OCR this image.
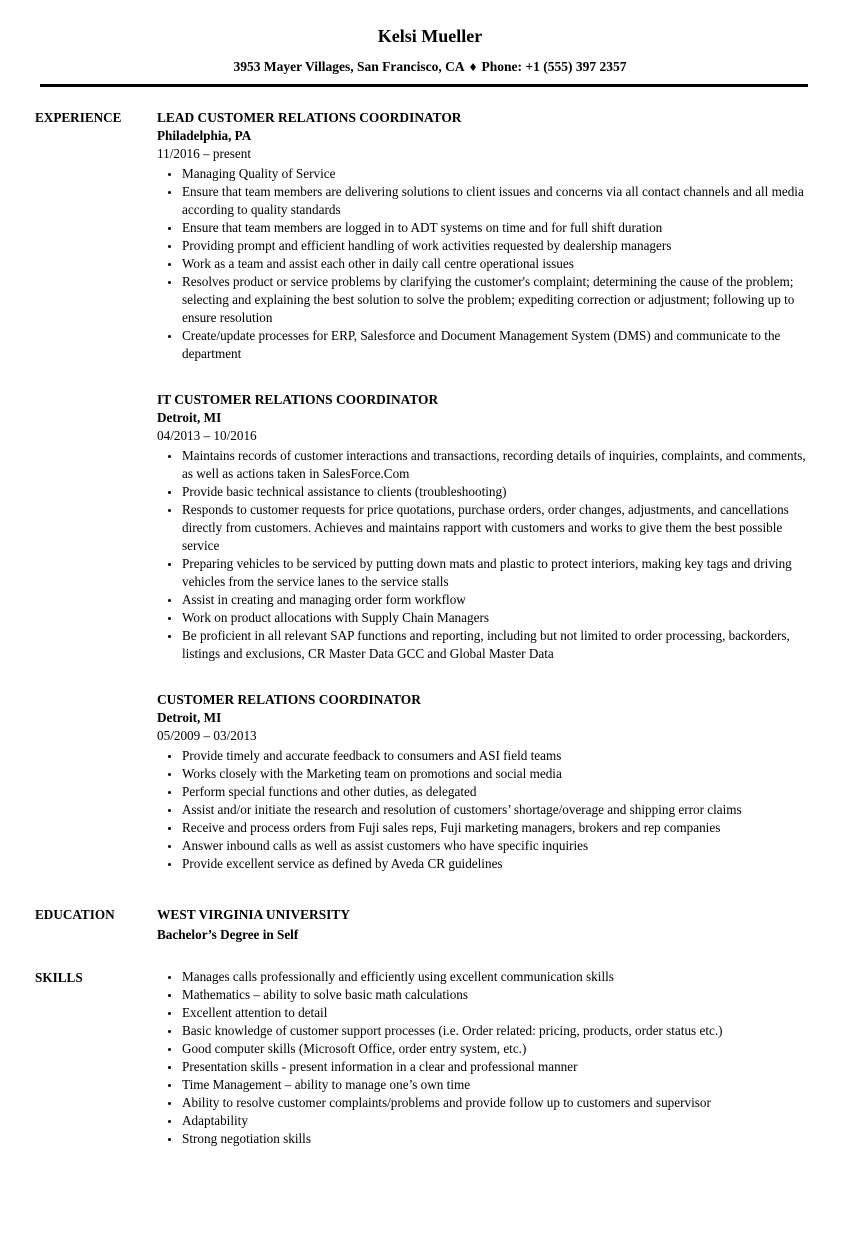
Kelsi Mueller
3953 Mayer Villages, San Francisco, CA ♦ Phone: +1 (555) 397 2357
EXPERIENCE	LEAD CUSTOMER RELATIONS COORDINATOR
Philadelphia, PA
11/2016 – present
• Managing Quality of Service
• Ensure that team members are delivering solutions to client issues and concerns via all contact channels and all media according to quality standards
• Ensure that team members are logged in to ADT systems on time and for full shift duration
• Providing prompt and efficient handling of work activities requested by dealership managers
• Work as a team and assist each other in daily call centre operational issues
• Resolves product or service problems by clarifying the customer's complaint; determining the cause of the problem; selecting and explaining the best solution to solve the problem; expediting correction or adjustment; following up to ensure resolution
• Create/update processes for ERP, Salesforce and Document Management System (DMS) and communicate to the department
IT CUSTOMER RELATIONS COORDINATOR
Detroit, MI
04/2013 – 10/2016
• Maintains records of customer interactions and transactions, recording details of inquiries, complaints, and comments, as well as actions taken in SalesForce.Com
• Provide basic technical assistance to clients (troubleshooting)
• Responds to customer requests for price quotations, purchase orders, order changes, adjustments, and cancellations directly from customers. Achieves and maintains rapport with customers and works to give them the best possible service
• Preparing vehicles to be serviced by putting down mats and plastic to protect interiors, making key tags and driving vehicles from the service lanes to the service stalls
• Assist in creating and managing order form workflow
• Work on product allocations with Supply Chain Managers
• Be proficient in all relevant SAP functions and reporting, including but not limited to order processing, backorders, listings and exclusions, CR Master Data GCC and Global Master Data
CUSTOMER RELATIONS COORDINATOR
Detroit, MI
05/2009 – 03/2013
• Provide timely and accurate feedback to consumers and ASI field teams
• Works closely with the Marketing team on promotions and social media
• Perform special functions and other duties, as delegated
• Assist and/or initiate the research and resolution of customers’ shortage/overage and shipping error claims
• Receive and process orders from Fuji sales reps, Fuji marketing managers, brokers and rep companies
• Answer inbound calls as well as assist customers who have specific inquiries
• Provide excellent service as defined by Aveda CR guidelines
EDUCATION	WEST VIRGINIA UNIVERSITY
Bachelor’s Degree in Self
SKILLS	• Manages calls professionally and efficiently using excellent communication skills
• Mathematics – ability to solve basic math calculations
• Excellent attention to detail
• Basic knowledge of customer support processes (i.e. Order related: pricing, products, order status etc.)
• Good computer skills (Microsoft Office, order entry system, etc.)
• Presentation skills - present information in a clear and professional manner
• Time Management – ability to manage one’s own time
• Ability to resolve customer complaints/problems and provide follow up to customers and supervisor
• Adaptability
• Strong negotiation skills
